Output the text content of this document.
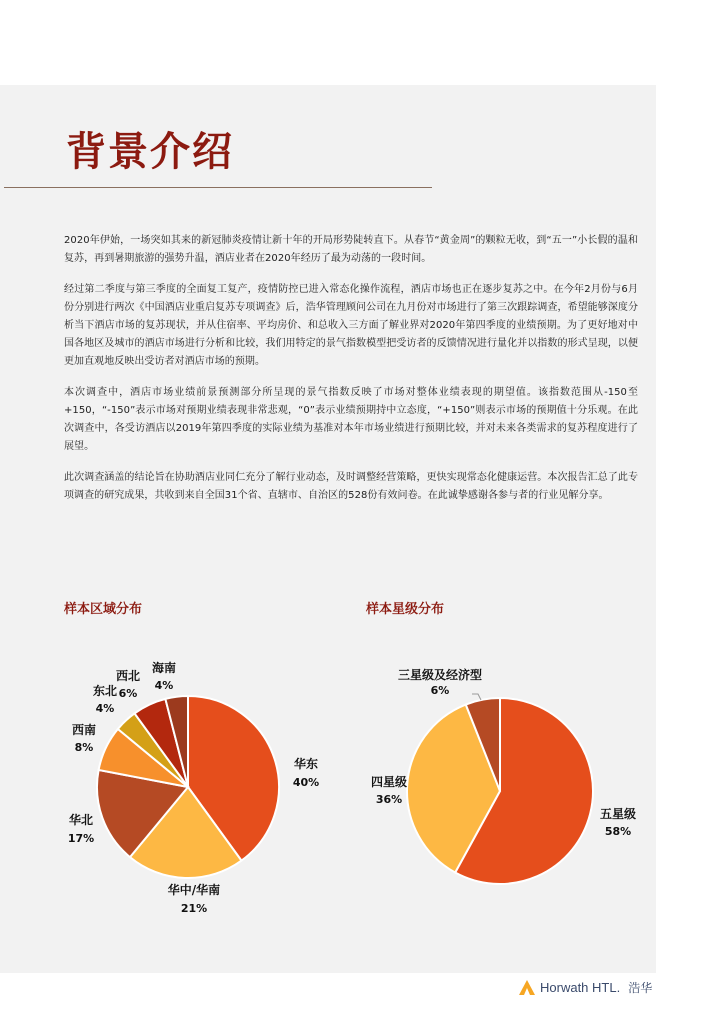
背景介绍

2020年伊始，一场突如其来的新冠肺炎疫情让新十年的开局形势陡转直下。从春节“黄金周”的颗粒无收，到“五一”小长假的温和复苏，再到暑期旅游的强势升温，酒店业者在2020年经历了最为动荡的一段时间。

经过第二季度与第三季度的全面复工复产，疫情防控已进入常态化操作流程，酒店市场也正在逐步复苏之中。在今年2月份与6月份分别进行两次《中国酒店业重启复苏专项调查》后，浩华管理顾问公司在九月份对市场进行了第三次跟踪调查，希望能够深度分析当下酒店市场的复苏现状，并从住宿率、平均房价、和总收入三方面了解业界对2020年第四季度的业绩预期。为了更好地对中国各地区及城市的酒店市场进行分析和比较，我们用特定的景气指数模型把受访者的反馈情况进行量化并以指数的形式呈现，以便更加直观地反映出受访者对酒店市场的预期。

本次调查中，酒店市场业绩前景预测部分所呈现的景气指数反映了市场对整体业绩表现的期望值。该指数范围从-150至+150，“-150”表示市场对预期业绩表现非常悲观，“0”表示业绩预期持中立态度，“+150”则表示市场的预期值十分乐观。在此次调查中，各受访酒店以2019年第四季度的实际业绩为基准对本年市场业绩进行预期比较，并对未来各类需求的复苏程度进行了展望。

此次调查涵盖的结论旨在协助酒店业同仁充分了解行业动态，及时调整经营策略，更快实现常态化健康运营。本次报告汇总了此专项调查的研究成果，共收到来自全国31个省、直辖市、自治区的528份有效问卷。在此诚挚感谢各参与者的行业见解分享。

样本区域分布	样本星级分布
华东
40%
华中/华南
21%
华北
17%
西南
8%
东北
4%
西北
6%
海南
4%
五星级
58%
四星级
36%
三星级及经济型
6%
Horwath HTL. 浩华
